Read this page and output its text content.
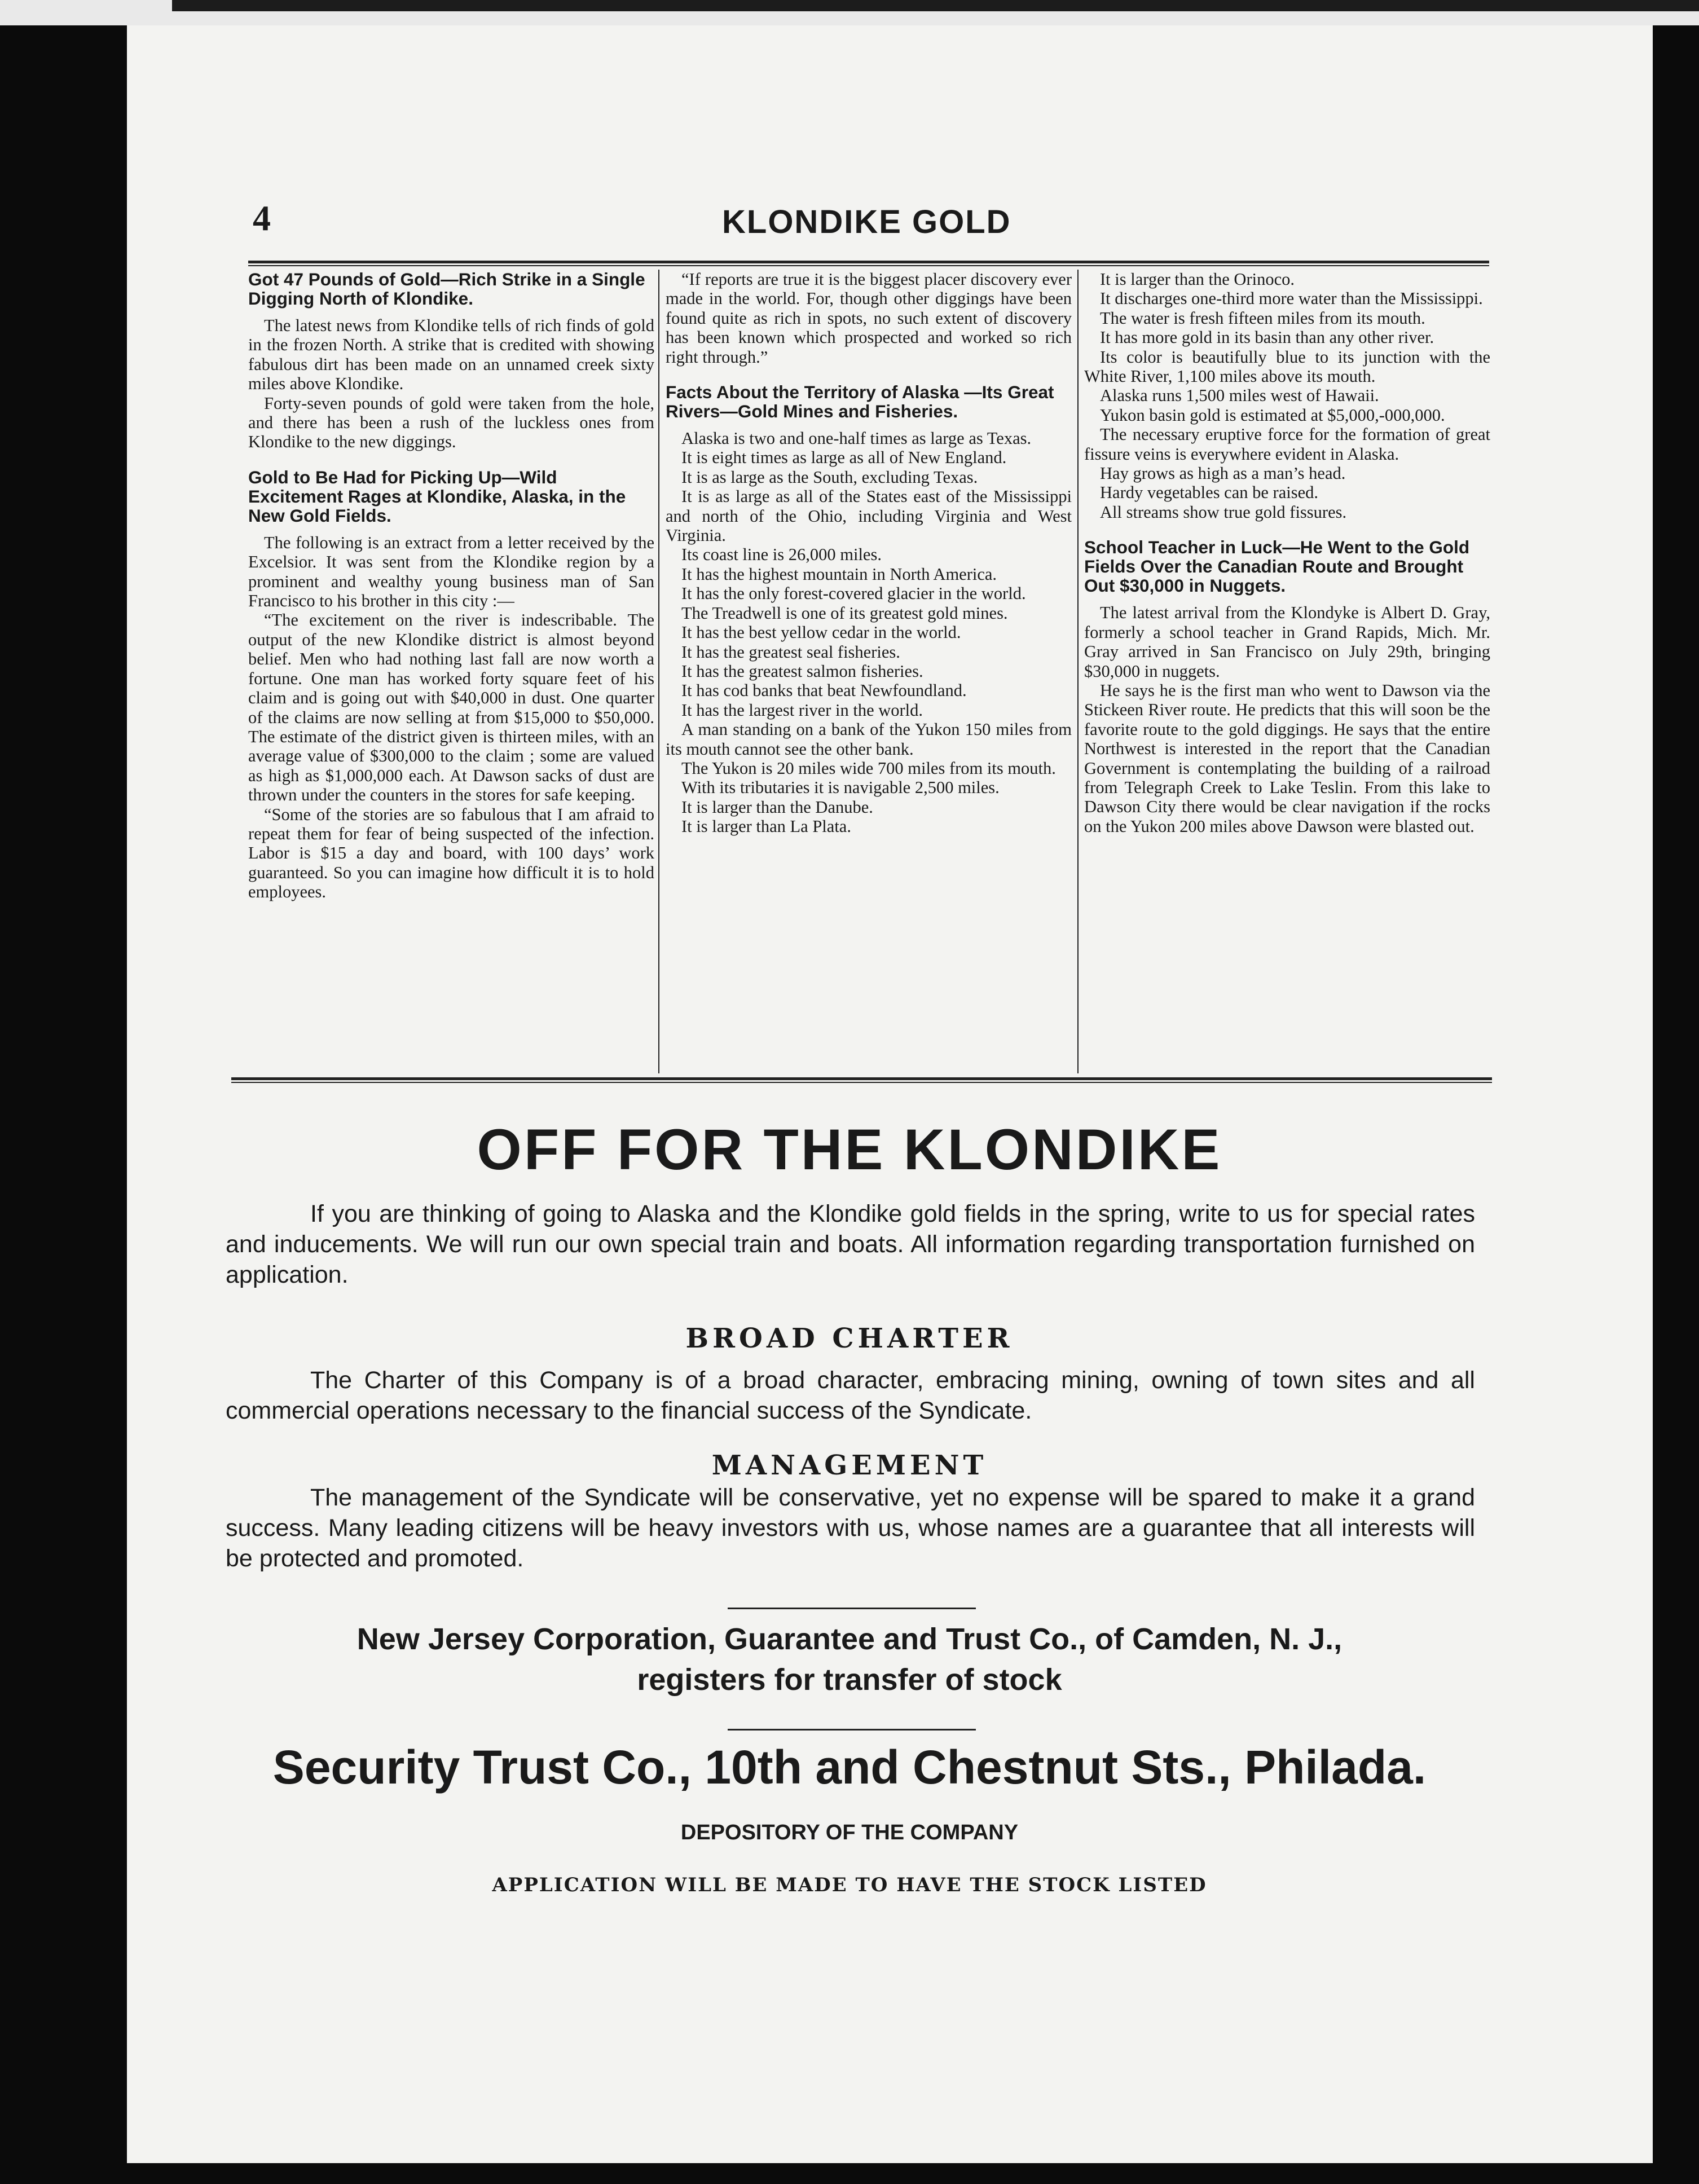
4	KLONDIKE GOLD
Got 47 Pounds of Gold—Rich Strike in a Single Digging North of Klondike.

The latest news from Klondike tells of rich finds of gold in the frozen North. A strike that is credited with showing fabulous dirt has been made on an unnamed creek sixty miles above Klondike.

Forty-seven pounds of gold were taken from the hole, and there has been a rush of the luckless ones from Klondike to the new diggings.

Gold to Be Had for Picking Up—Wild Excitement Rages at Klondike, Alaska, in the New Gold Fields.

The following is an extract from a letter received by the Excelsior. It was sent from the Klondike region by a prominent and wealthy young business man of San Francisco to his brother in this city :—

“The excitement on the river is indescribable. The output of the new Klondike district is almost beyond belief. Men who had nothing last fall are now worth a fortune. One man has worked forty square feet of his claim and is going out with $40,000 in dust. One quarter of the claims are now selling at from $15,000 to $50,000. The estimate of the district given is thirteen miles, with an average value of $300,000 to the claim ; some are valued as high as $1,000,000 each. At Dawson sacks of dust are thrown under the counters in the stores for safe keeping.

“Some of the stories are so fabulous that I am afraid to repeat them for fear of being suspected of the infection. Labor is $15 a day and board, with 100 days’ work guaranteed. So you can imagine how difficult it is to hold employees.

“If reports are true it is the biggest placer discovery ever made in the world. For, though other diggings have been found quite as rich in spots, no such extent of discovery has been known which prospected and worked so rich right through.”

Facts About the Territory of Alaska —Its Great Rivers—Gold Mines and Fisheries.

Alaska is two and one-half times as large as Texas.

It is eight times as large as all of New England.

It is as large as the South, excluding Texas.

It is as large as all of the States east of the Mississippi and north of the Ohio, including Virginia and West Virginia.

Its coast line is 26,000 miles.

It has the highest mountain in North America.

It has the only forest-covered glacier in the world.

The Treadwell is one of its greatest gold mines.

It has the best yellow cedar in the world.

It has the greatest seal fisheries.

It has the greatest salmon fisheries.

It has cod banks that beat Newfoundland.

It has the largest river in the world.

A man standing on a bank of the Yukon 150 miles from its mouth cannot see the other bank.

The Yukon is 20 miles wide 700 miles from its mouth.

With its tributaries it is navigable 2,500 miles.

It is larger than the Danube.

It is larger than La Plata.

It is larger than the Orinoco.

It discharges one-third more water than the Mississippi.

The water is fresh fifteen miles from its mouth.

It has more gold in its basin than any other river.

Its color is beautifully blue to its junction with the White River, 1,100 miles above its mouth.

Alaska runs 1,500 miles west of Hawaii.

Yukon basin gold is estimated at $5,000,-000,000.

The necessary eruptive force for the formation of great fissure veins is everywhere evident in Alaska.

Hay grows as high as a man’s head.

Hardy vegetables can be raised.

All streams show true gold fissures.

School Teacher in Luck—He Went to the Gold Fields Over the Canadian Route and Brought Out $30,000 in Nuggets.

The latest arrival from the Klondyke is Albert D. Gray, formerly a school teacher in Grand Rapids, Mich. Mr. Gray arrived in San Francisco on July 29th, bringing $30,000 in nuggets.

He says he is the first man who went to Dawson via the Stickeen River route. He predicts that this will soon be the favorite route to the gold diggings. He says that the entire Northwest is interested in the report that the Canadian Government is contemplating the building of a railroad from Telegraph Creek to Lake Teslin. From this lake to Dawson City there would be clear navigation if the rocks on the Yukon 200 miles above Dawson were blasted out.

OFF FOR THE KLONDIKE

If you are thinking of going to Alaska and the Klondike gold fields in the spring, write to us for special rates and inducements. We will run our own special train and boats. All information regarding transportation furnished on application.

BROAD CHARTER

The Charter of this Company is of a broad character, embracing mining, owning of town sites and all commercial operations necessary to the financial success of the Syndicate.

MANAGEMENT

The management of the Syndicate will be conservative, yet no expense will be spared to make it a grand success. Many leading citizens will be heavy investors with us, whose names are a guarantee that all interests will be protected and promoted.

New Jersey Corporation, Guarantee and Trust Co., of Camden, N. J.,
registers for transfer of stock
Security Trust Co., 10th and Chestnut Sts., Philada.
DEPOSITORY OF THE COMPANY
APPLICATION WILL BE MADE TO HAVE THE STOCK LISTED
